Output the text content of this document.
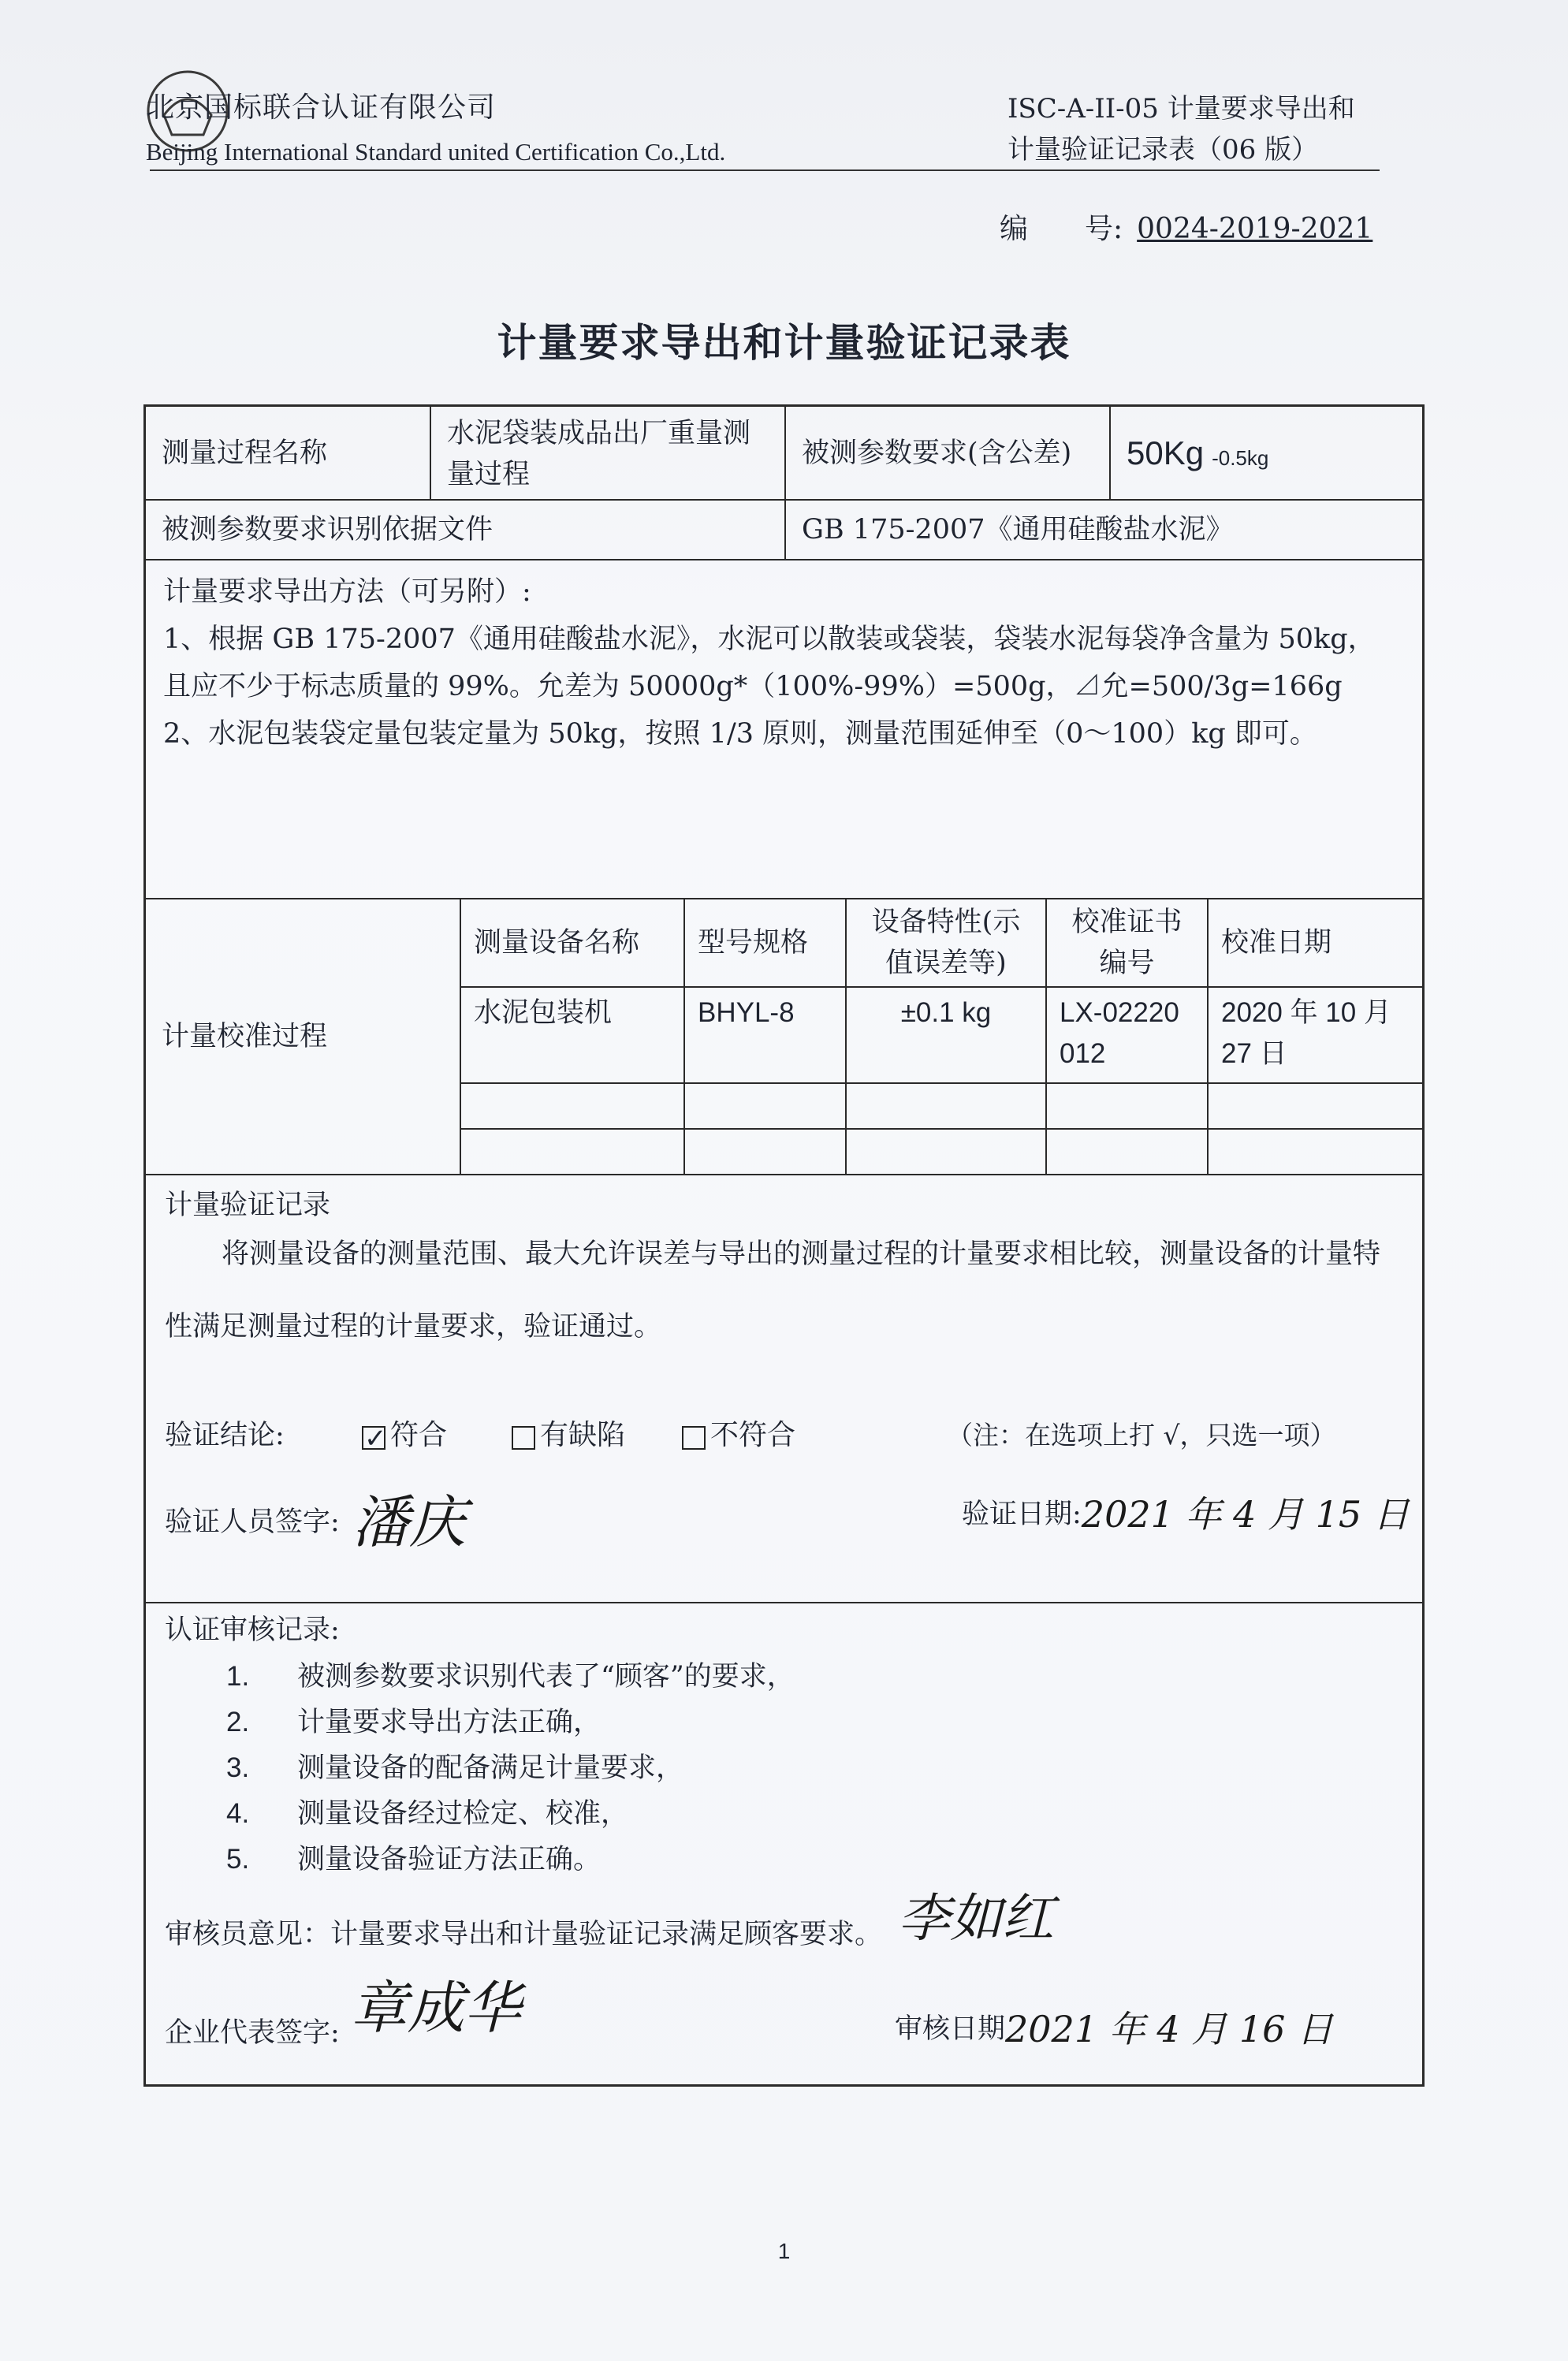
北京国标联合认证有限公司
Beijing International Standard united Certification Co.,Ltd.
ISC-A-II-05 计量要求导出和
计量验证记录表（06 版）
编　　号: 0024-2019-2021
计量要求导出和计量验证记录表
测量过程名称
水泥袋装成品出厂重量测量过程
被测参数要求(含公差)	50Kg -0.5kg
被测参数要求识别依据文件	GB 175-2007《通用硅酸盐水泥》
计量要求导出方法（可另附）:
1、根据 GB 175-2007《通用硅酸盐水泥》，水泥可以散装或袋装，袋装水泥每袋净含量为 50kg，
且应不少于标志质量的 99%。允差为 50000g*（100%-99%）=500g，⊿允=500/3g=166g
2、水泥包装袋定量包装定量为 50kg，按照 1/3 原则，测量范围延伸至（0～100）kg 即可。
计量校准过程
测量设备名称	型号规格
设备特性(示值误差等)
校准证书编号
校准日期
水泥包装机	BHYL-8	±0.1 kg	LX-02220012
2020 年 10 月 27 日
计量验证记录
将测量设备的测量范围、最大允许误差与导出的测量过程的计量要求相比较，测量设备的计量特性满足测量过程的计量要求，验证通过。
验证结论:
✓	符合	有缺陷	不符合	（注：在选项上打 √，只选一项）
验证人员签字: 潘庆	验证日期: 2021 年 4 月 15 日
认证审核记录:
1.	被测参数要求识别代表了“顾客”的要求，
2.	计量要求导出方法正确，
3.	测量设备的配备满足计量要求，
4.	测量设备经过检定、校准，
5.	测量设备验证方法正确。
审核员意见：计量要求导出和计量验证记录满足顾客要求。 李如红
企业代表签字: 章成华	审核日期 2021 年 4 月 16 日
1
